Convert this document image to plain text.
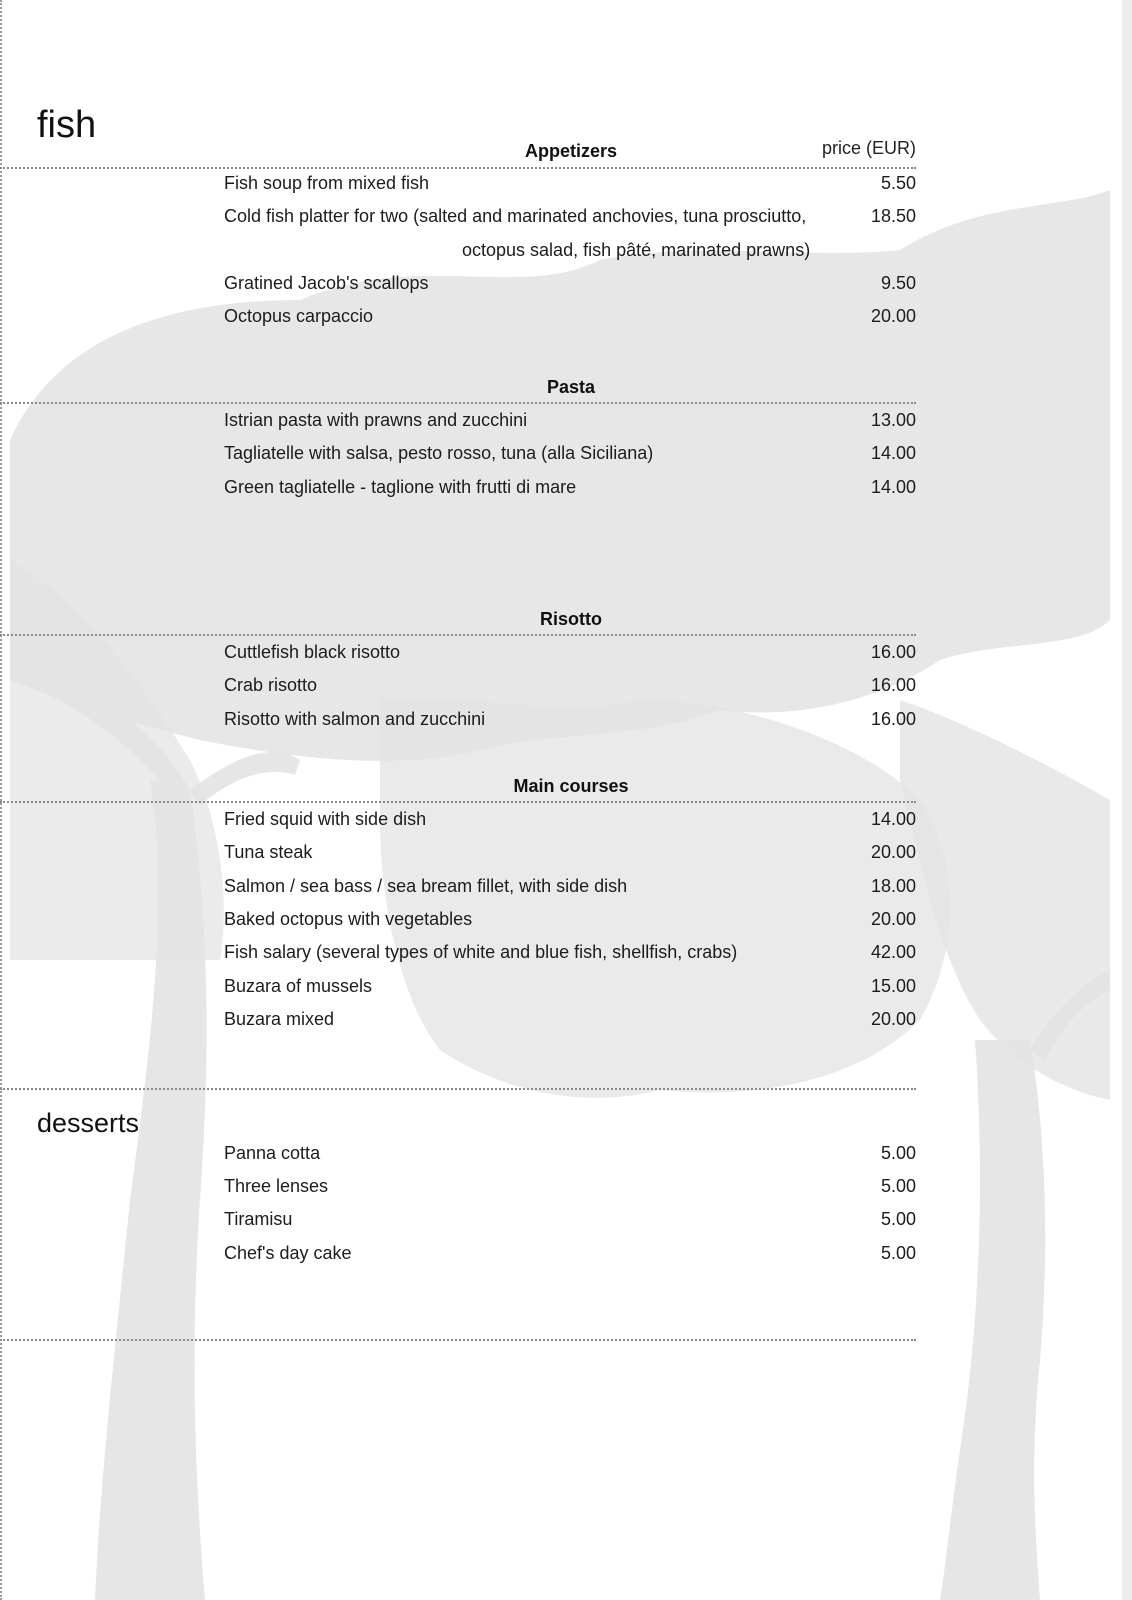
fish
Appetizers	price (EUR)
Fish soup from mixed fish	5.50
Cold fish platter for two (salted and marinated anchovies, tuna prosciutto,	18.50
octopus salad, fish pâté, marinated prawns)
Gratined Jacob's scallops	9.50
Octopus carpaccio	20.00
Pasta
Istrian pasta with prawns and zucchini	13.00
Tagliatelle with salsa, pesto rosso, tuna (alla Siciliana)	14.00
Green tagliatelle - taglione with frutti di mare	14.00
Risotto
Cuttlefish black risotto	16.00
Crab risotto	16.00
Risotto with salmon and zucchini	16.00
Main courses
Fried squid with side dish	14.00
Tuna steak	20.00
Salmon / sea bass / sea bream fillet, with side dish	18.00
Baked octopus with vegetables	20.00
Fish salary (several types of white and blue fish, shellfish, crabs)	42.00
Buzara of mussels	15.00
Buzara mixed	20.00
desserts
Panna cotta	5.00
Three lenses	5.00
Tiramisu	5.00
Chef's day cake	5.00
